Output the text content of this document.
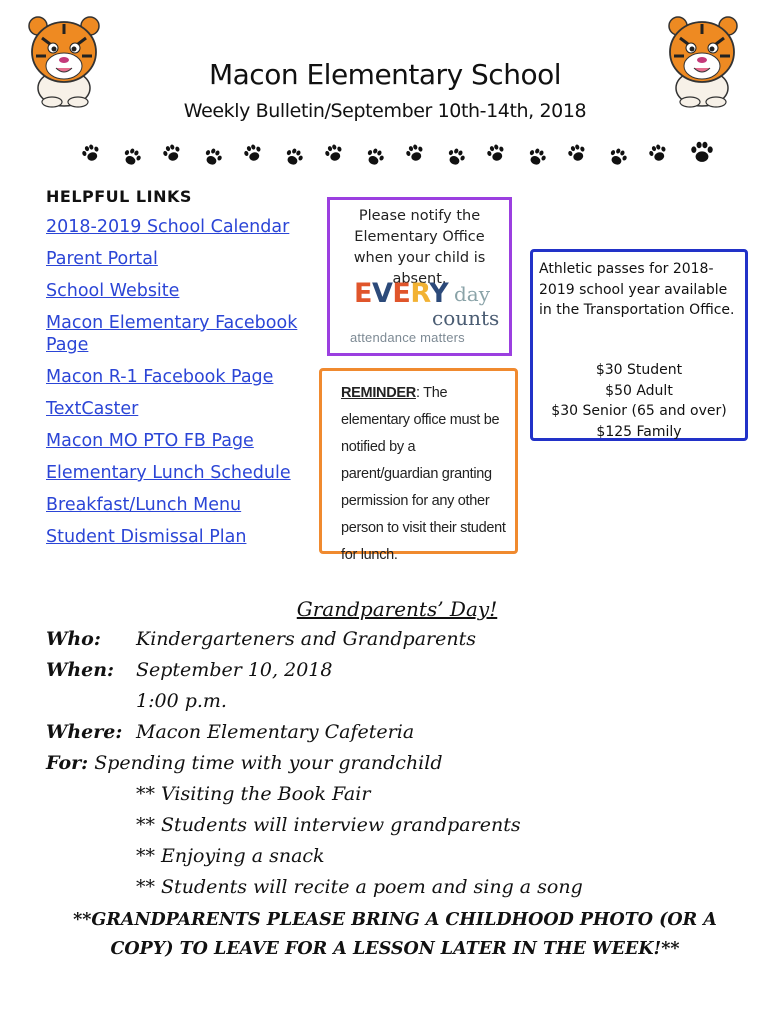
Macon Elementary School
Weekly Bulletin/September 10th-14th, 2018
HELPFUL LINKS
2018-2019 School Calendar
Parent Portal
School Website
Macon Elementary Facebook Page
Macon R-1 Facebook Page
TextCaster
Macon MO PTO FB Page
Elementary Lunch Schedule
Breakfast/Lunch Menu
Student Dismissal Plan
Please notify the Elementary Office when your child is absent.
EVERY day
counts
attendance matters
REMINDER: The elementary office must be notified by a parent/guardian granting permission for any other person to visit their student for lunch.
Athletic passes for 2018-2019 school year available in the Transportation Office.
$30 Student
$50 Adult
$30 Senior (65 and over)
$125 Family
Grandparents’ Day!
Who: Kindergarteners and Grandparents
When: September 10, 2018
1:00 p.m.
Where: Macon Elementary Cafeteria
For: Spending time with your grandchild
** Visiting the Book Fair
** Students will interview grandparents
** Enjoying a snack
** Students will recite a poem and sing a song
**GRANDPARENTS PLEASE BRING A CHILDHOOD PHOTO (OR A COPY) TO LEAVE FOR A LESSON LATER IN THE WEEK!**
